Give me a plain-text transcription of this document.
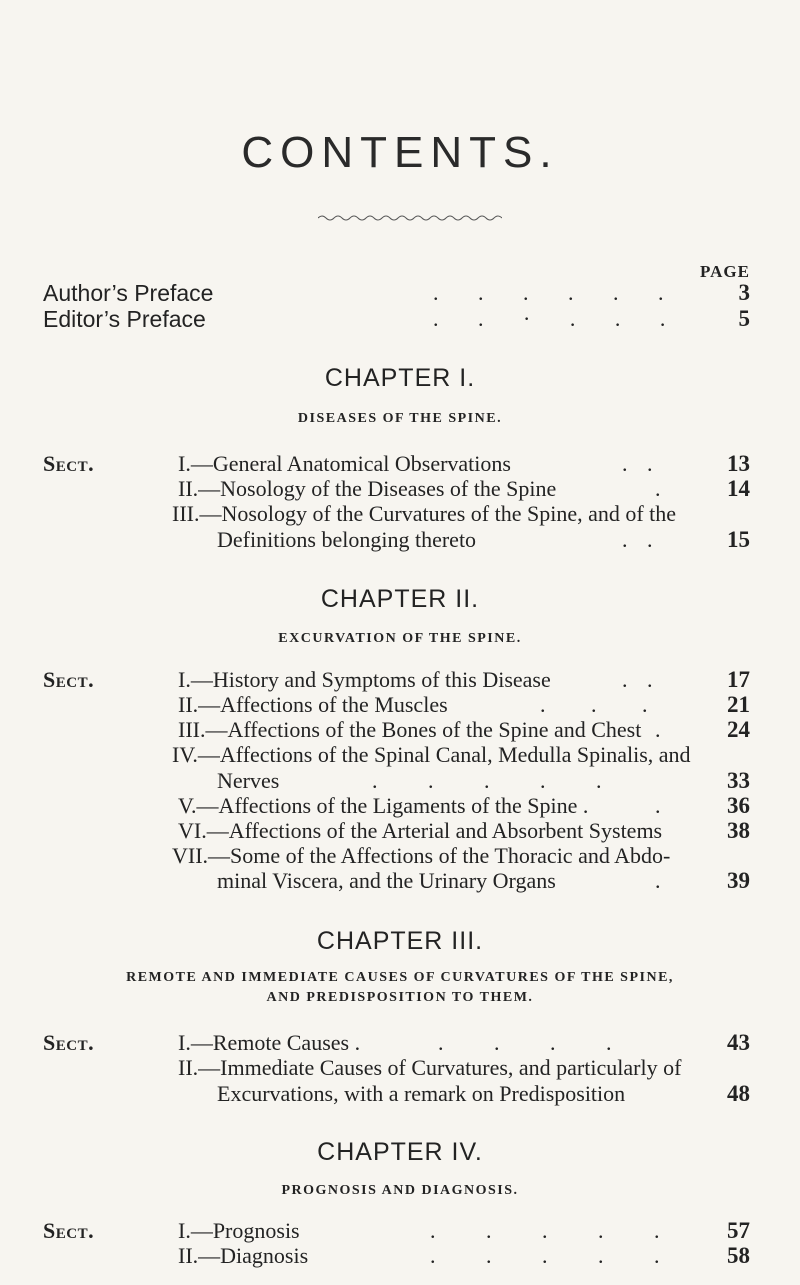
CONTENTS.
PAGE
Author’s Preface	. . . . . .	3
Editor’s Preface	. . · . . .	5
CHAPTER I.
DISEASES OF THE SPINE.
Sect.	I.—General Anatomical Observations	. .	13
II.—Nosology of the Diseases of the Spine	.	14
III.—Nosology of the Curvatures of the Spine, and of the
Definitions belonging thereto	. .	15
CHAPTER II.
EXCURVATION OF THE SPINE.
Sect.	I.—History and Symptoms of this Disease	. .	17
II.—Affections of the Muscles	. . .	21
III.—Affections of the Bones of the Spine and Chest .	24
IV.—Affections of the Spinal Canal, Medulla Spinalis, and
Nerves	. . . . .	33
V.—Affections of the Ligaments of the Spine .	.	36
VI.—Affections of the Arterial and Absorbent Systems	38
VII.—Some of the Affections of the Thoracic and Abdo-
minal Viscera, and the Urinary Organs	.	39
CHAPTER III.
REMOTE AND IMMEDIATE CAUSES OF CURVATURES OF THE SPINE,
AND PREDISPOSITION TO THEM.
Sect.	I.—Remote Causes .	. . . .	43
II.—Immediate Causes of Curvatures, and particularly of
Excurvations, with a remark on Predisposition	48
CHAPTER IV.
PROGNOSIS AND DIAGNOSIS.
Sect.	I.—Prognosis	. . . . .	57
II.—Diagnosis	. . . . .	58
